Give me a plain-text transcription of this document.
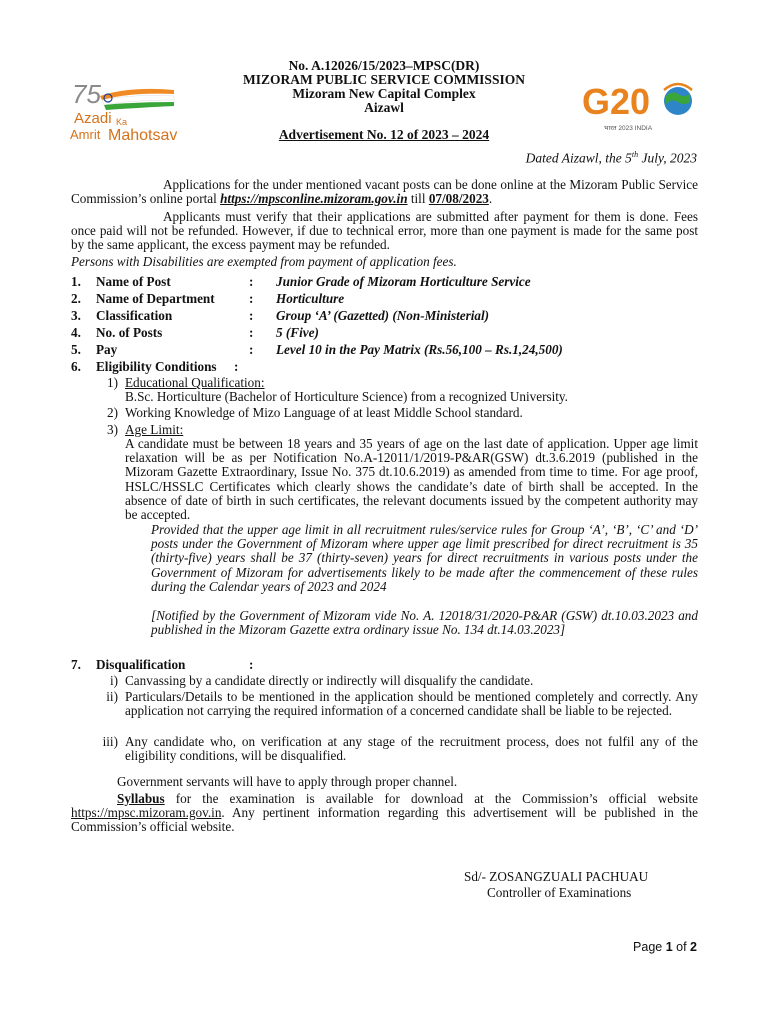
No. A.12026/15/2023–MPSC(DR)
MIZORAM PUBLIC SERVICE COMMISSION
Mizoram New Capital Complex
Aizawl
Advertisement No. 12 of 2023 – 2024
75
Azadi Ka
Amrit Mahotsav
G20
भारत 2023 INDIA
Dated Aizawl, the 5th July, 2023
Applications for the under mentioned vacant posts can be done online at the Mizoram Public Service Commission’s online portal https://mpsconline.mizoram.gov.in till 07/08/2023.
Applicants must verify that their applications are submitted after payment for them is done. Fees once paid will not be refunded. However, if due to technical error, more than one payment is made for the same post by the same applicant, the excess payment may be refunded.
Persons with Disabilities are exempted from payment of application fees.
1.	Name of Post	:	Junior Grade of Mizoram Horticulture Service
2.	Name of Department	:	Horticulture
3.	Classification	:	Group ‘A’ (Gazetted) (Non-Ministerial)
4.	No. of Posts	:	5 (Five)
5.	Pay	:	Level 10 in the Pay Matrix (Rs.56,100 – Rs.1,24,500)
6.	Eligibility Conditions	:
1) Educational Qualification:
B.Sc. Horticulture (Bachelor of Horticulture Science) from a recognized University.
2) Working Knowledge of Mizo Language of at least Middle School standard.
3) Age Limit:
A candidate must be between 18 years and 35 years of age on the last date of application. Upper age limit relaxation will be as per Notification No.A-12011/1/2019-P&AR(GSW) dt.3.6.2019 (published in the Mizoram Gazette Extraordinary, Issue No. 375 dt.10.6.2019) as amended from time to time. For age proof, HSLC/HSSLC Certificates which clearly shows the candidate’s date of birth shall be accepted. In the absence of date of birth in such certificates, the relevant documents issued by the competent authority may be accepted.
Provided that the upper age limit in all recruitment rules/service rules for Group ‘A’, ‘B’, ‘C’ and ‘D’ posts under the Government of Mizoram where upper age limit prescribed for direct recruitment is 35 (thirty-five) years shall be 37 (thirty-seven) years for direct recruitments in various posts under the Government of Mizoram for advertisements likely to be made after the commencement of these rules during the Calendar years of 2023 and 2024
[Notified by the Government of Mizoram vide No. A. 12018/31/2020-P&AR (GSW) dt.10.03.2023 and published in the Mizoram Gazette extra ordinary issue No. 134 dt.14.03.2023]
7.	Disqualification	:
i) Canvassing by a candidate directly or indirectly will disqualify the candidate.
ii) Particulars/Details to be mentioned in the application should be mentioned completely and correctly. Any application not carrying the required information of a concerned candidate shall be liable to be rejected.
iii) Any candidate who, on verification at any stage of the recruitment process, does not fulfil any of the eligibility conditions, will be disqualified.
Government servants will have to apply through proper channel.
Syllabus for the examination is available for download at the Commission’s official website https://mpsc.mizoram.gov.in. Any pertinent information regarding this advertisement will be published in the Commission’s official website.
Sd/- ZOSANGZUALI PACHUAU
Controller of Examinations
Page 1 of 2
